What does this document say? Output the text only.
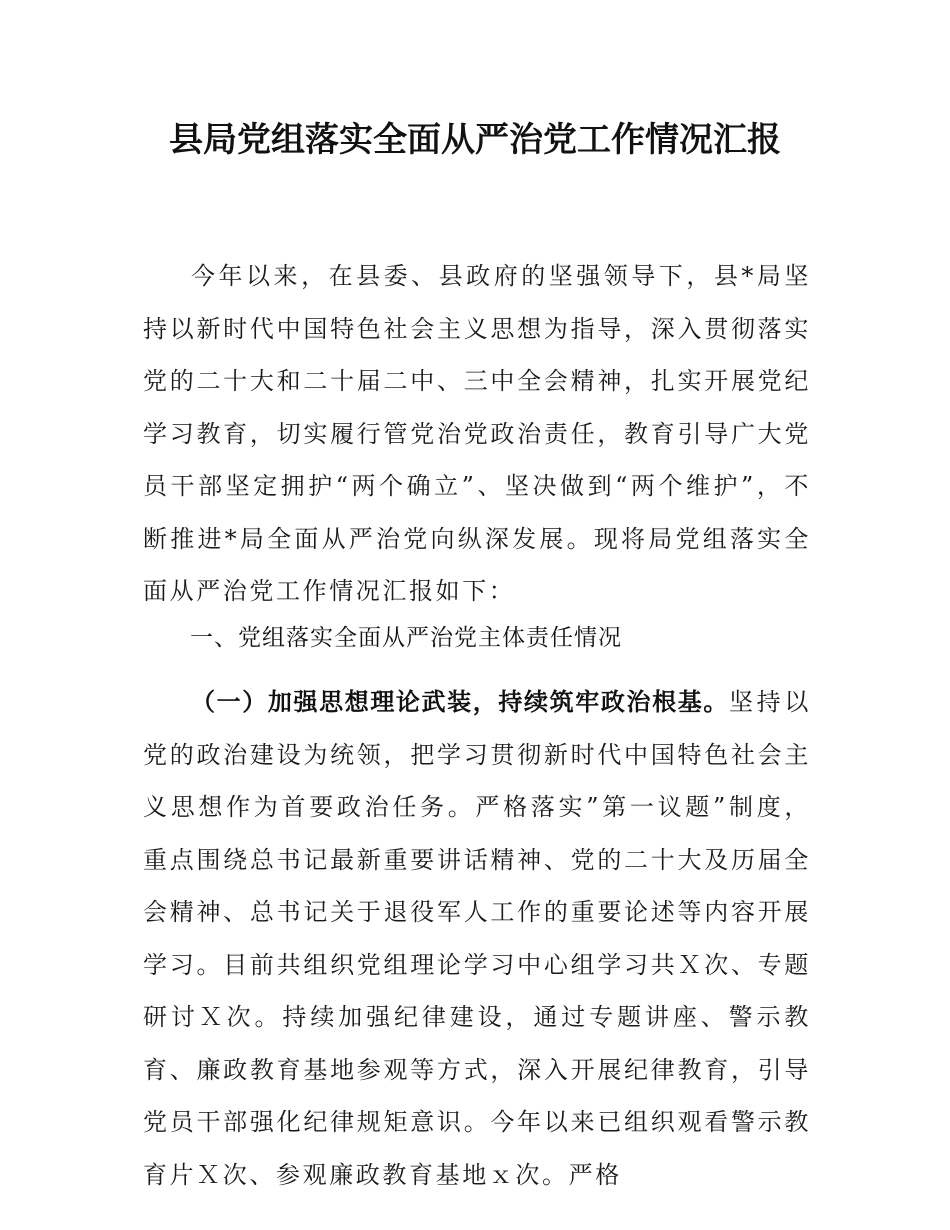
县局党组落实全面从严治党工作情况汇报
今年以来，在县委、县政府的坚强领导下，县*局坚持以新时代中国特色社会主义思想为指导，深入贯彻落实党的二十大和二十届二中、三中全会精神，扎实开展党纪学习教育，切实履行管党治党政治责任，教育引导广大党员干部坚定拥护“两个确立”、坚决做到“两个维护”，不断推进*局全面从严治党向纵深发展。现将局党组落实全面从严治党工作情况汇报如下：
一、党组落实全面从严治党主体责任情况
（一）加强思想理论武装，持续筑牢政治根基。坚持以党的政治建设为统领，把学习贯彻新时代中国特色社会主义思想作为首要政治任务。严格落实”第一议题”制度，重点围绕总书记最新重要讲话精神、党的二十大及历届全会精神、总书记关于退役军人工作的重要论述等内容开展学习。目前共组织党组理论学习中心组学习共Ｘ次、专题研讨Ｘ次。持续加强纪律建设，通过专题讲座、警示教育、廉政教育基地参观等方式，深入开展纪律教育，引导党员干部强化纪律规矩意识。今年以来已组织观看警示教育片Ｘ次、参观廉政教育基地ｘ次。严格
